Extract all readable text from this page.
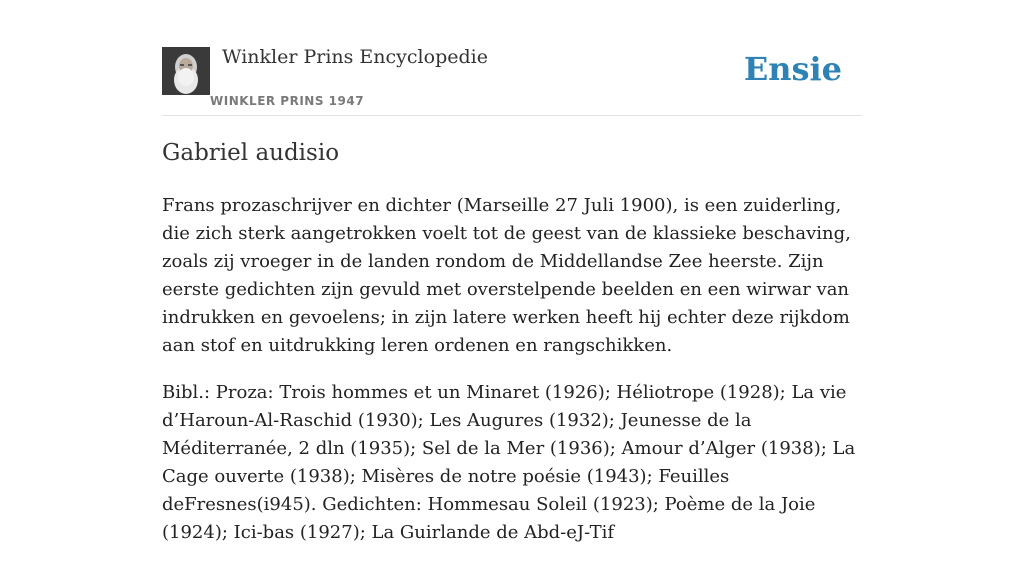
Winkler Prins Encyclopedie
WINKLER PRINS 1947
Ensie
Gabriel audisio

Frans prozaschrijver en dichter (Marseille 27 Juli 1900), is een zuiderling, die zich sterk aangetrokken voelt tot de geest van de klassieke beschaving, zoals zij vroeger in de landen rondom de Middellandse Zee heerste. Zijn eerste gedichten zijn gevuld met overstelpende beelden en een wirwar van indrukken en gevoelens; in zijn latere werken heeft hij echter deze rijkdom aan stof en uitdrukking leren ordenen en rangschikken.

Bibl.: Proza: Trois hommes et un Minaret (1926); Héliotrope (1928); La vie d’Haroun-Al-Raschid (1930); Les Augures (1932); Jeunesse de la Méditerranée, 2 dln (1935); Sel de la Mer (1936); Amour d’Alger (1938); La Cage ouverte (1938); Misères de notre poésie (1943); Feuilles deFresnes(i945). Gedichten: Hommesau Soleil (1923); Poème de la Joie (1924); Ici-bas (1927); La Guirlande de Abd-eJ-Tif
